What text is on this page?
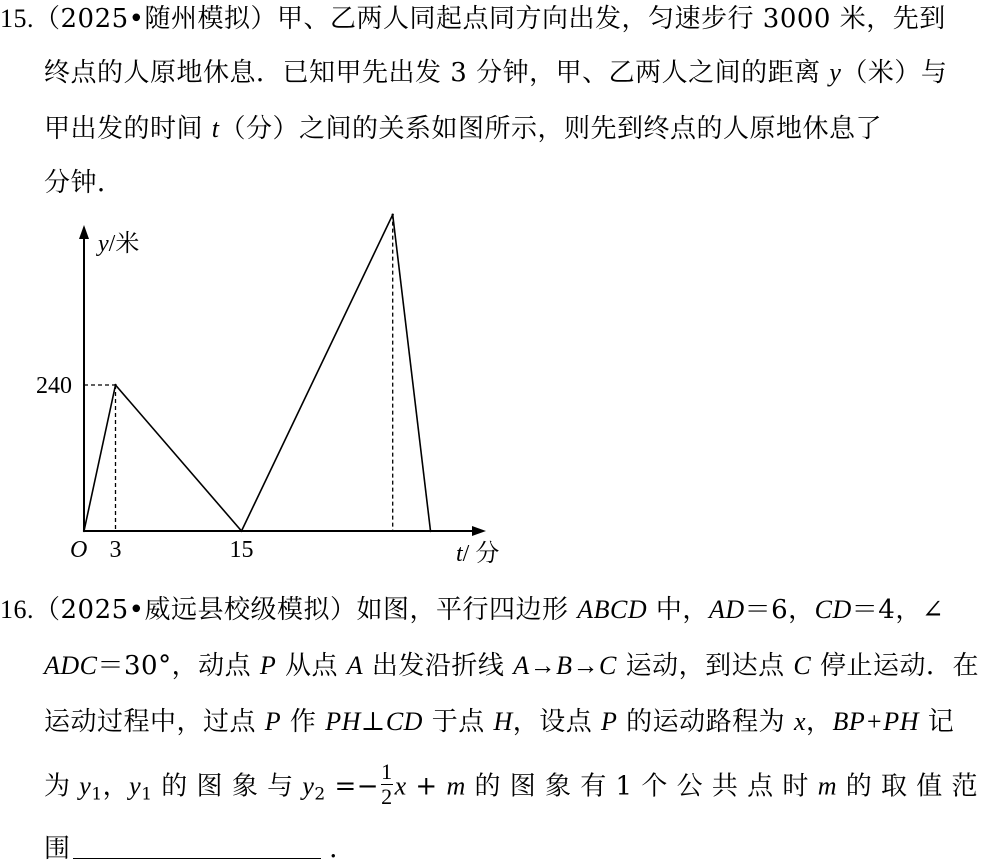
15.（2025•随州模拟）甲、乙两人同起点同方向出发，匀速步行 3000 米，先到
终点的人原地休息．已知甲先出发 3 分钟，甲、乙两人之间的距离 y（米）与
甲出发的时间 t（分）之间的关系如图所示，则先到终点的人原地休息了
分钟．
y/米
t/ 分
O
240
3	15
16.（2025•威远县校级模拟）如图，平行四边形 ABCD 中，AD＝6，CD＝4，∠
ADC＝30°，动点 P 从点 A 出发沿折线 A→B→C 运动，到达点 C 停止运动．在
运动过程中，过点 P 作 PH⊥CD 于点 H，设点 P 的运动路程为 x，BP+PH 记
为 $y_1$，$y_1$ 的 图 象 与 $y_2 =- \frac{1}{2}$ x + m 的 图 象 有 1 个 公 共 点 时 m 的 取 值 范
围	．
